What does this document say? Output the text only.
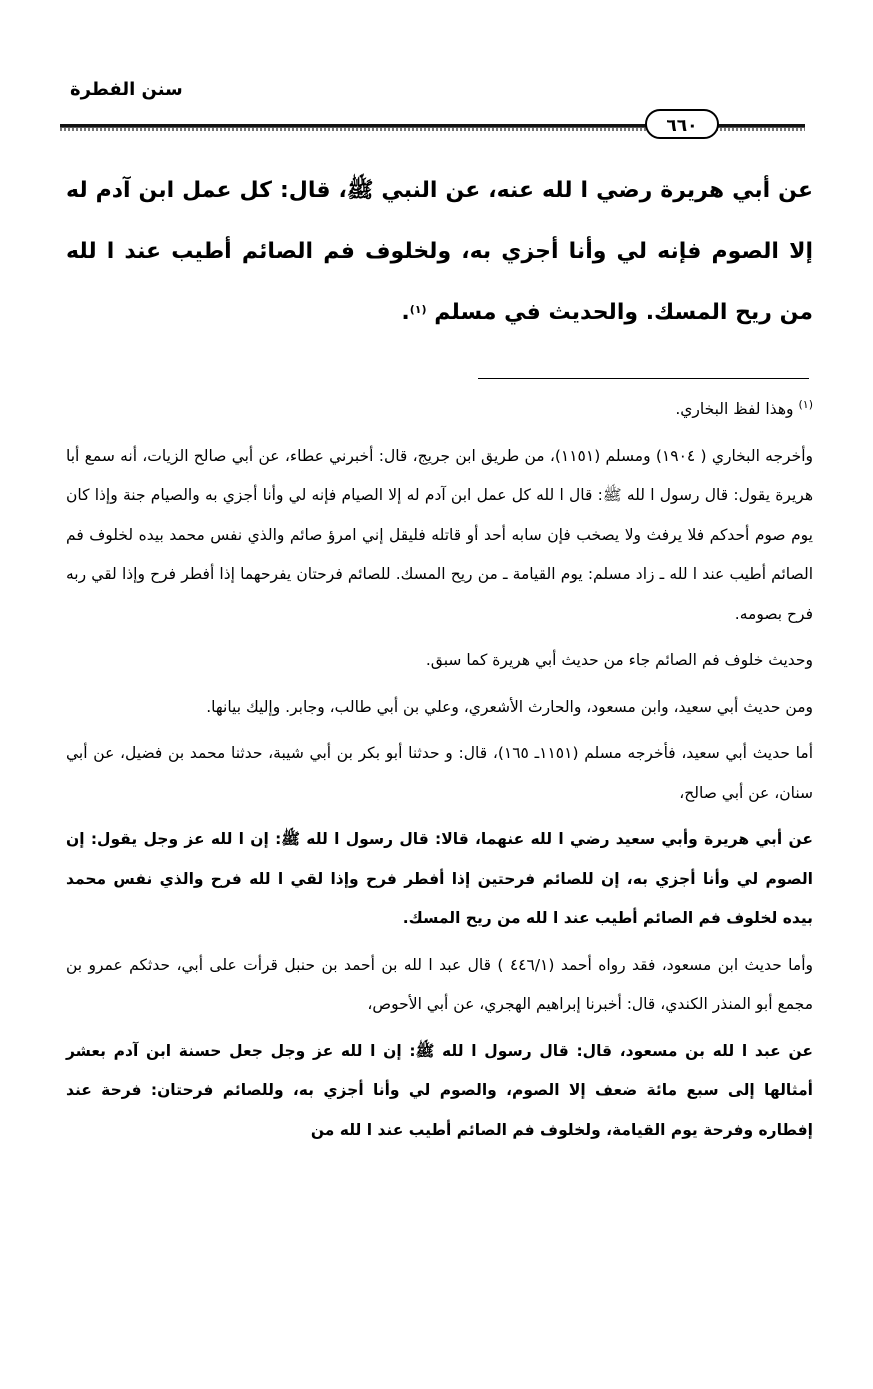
سنن الفطرة
٦٦٠
عن أبي هريرة رضي ا لله عنه، عن النبي ﷺ، قال: كل عمل ابن آدم له إلا الصوم فإنه لي وأنا أجزي به، ولخلوف فم الصائم أطيب عند ا لله من ريح المسك. والحديث في مسلم $^{(١)}$.

$^{(١)}$ وهذا لفظ البخاري.

وأخرجه البخاري ( ١٩٠٤) ومسلم (١١٥١)، من طريق ابن جريج، قال: أخبرني عطاء، عن أبي صالح الزيات، أنه سمع أبا هريرة يقول: قال رسول ا لله ﷺ: قال ا لله كل عمل ابن آدم له إلا الصيام فإنه لي وأنا أجزي به والصيام جنة وإذا كان يوم صوم أحدكم فلا يرفث ولا يصخب فإن سابه أحد أو قاتله فليقل إني امرؤ صائم والذي نفس محمد بيده لخلوف فم الصائم أطيب عند ا لله ـ زاد مسلم: يوم القيامة ـ من ريح المسك. للصائم فرحتان يفرحهما إذا أفطر فرح وإذا لقي ربه فرح بصومه.

وحديث خلوف فم الصائم جاء من حديث أبي هريرة كما سبق.

ومن حديث أبي سعيد، وابن مسعود، والحارث الأشعري، وعلي بن أبي طالب، وجابر. وإليك بيانها.

أما حديث أبي سعيد، فأخرجه مسلم (١١٥١ـ ١٦٥)، قال: و حدثنا أبو بكر بن أبي شيبة، حدثنا محمد بن فضيل، عن أبي سنان، عن أبي صالح،

عن أبي هريرة وأبي سعيد رضي ا لله عنهما، قالا: قال رسول ا لله ﷺ: إن ا لله عز وجل يقول: إن الصوم لي وأنا أجزي به، إن للصائم فرحتين إذا أفطر فرح وإذا لقي ا لله فرح والذي نفس محمد بيده لخلوف فم الصائم أطيب عند ا لله من ريح المسك.

وأما حديث ابن مسعود، فقد رواه أحمد (٤٤٦/١ ) قال عبد ا لله بن أحمد بن حنبل قرأت على أبي، حدثكم عمرو بن مجمع أبو المنذر الكندي، قال: أخبرنا إبراهيم الهجري، عن أبي الأحوص،

عن عبد ا لله بن مسعود، قال: قال رسول ا لله ﷺ: إن ا لله عز وجل جعل حسنة ابن آدم بعشر أمثالها إلى سبع مائة ضعف إلا الصوم، والصوم لي وأنا أجزي به، وللصائم فرحتان: فرحة عند إفطاره وفرحة يوم القيامة، ولخلوف فم الصائم أطيب عند ا لله من
